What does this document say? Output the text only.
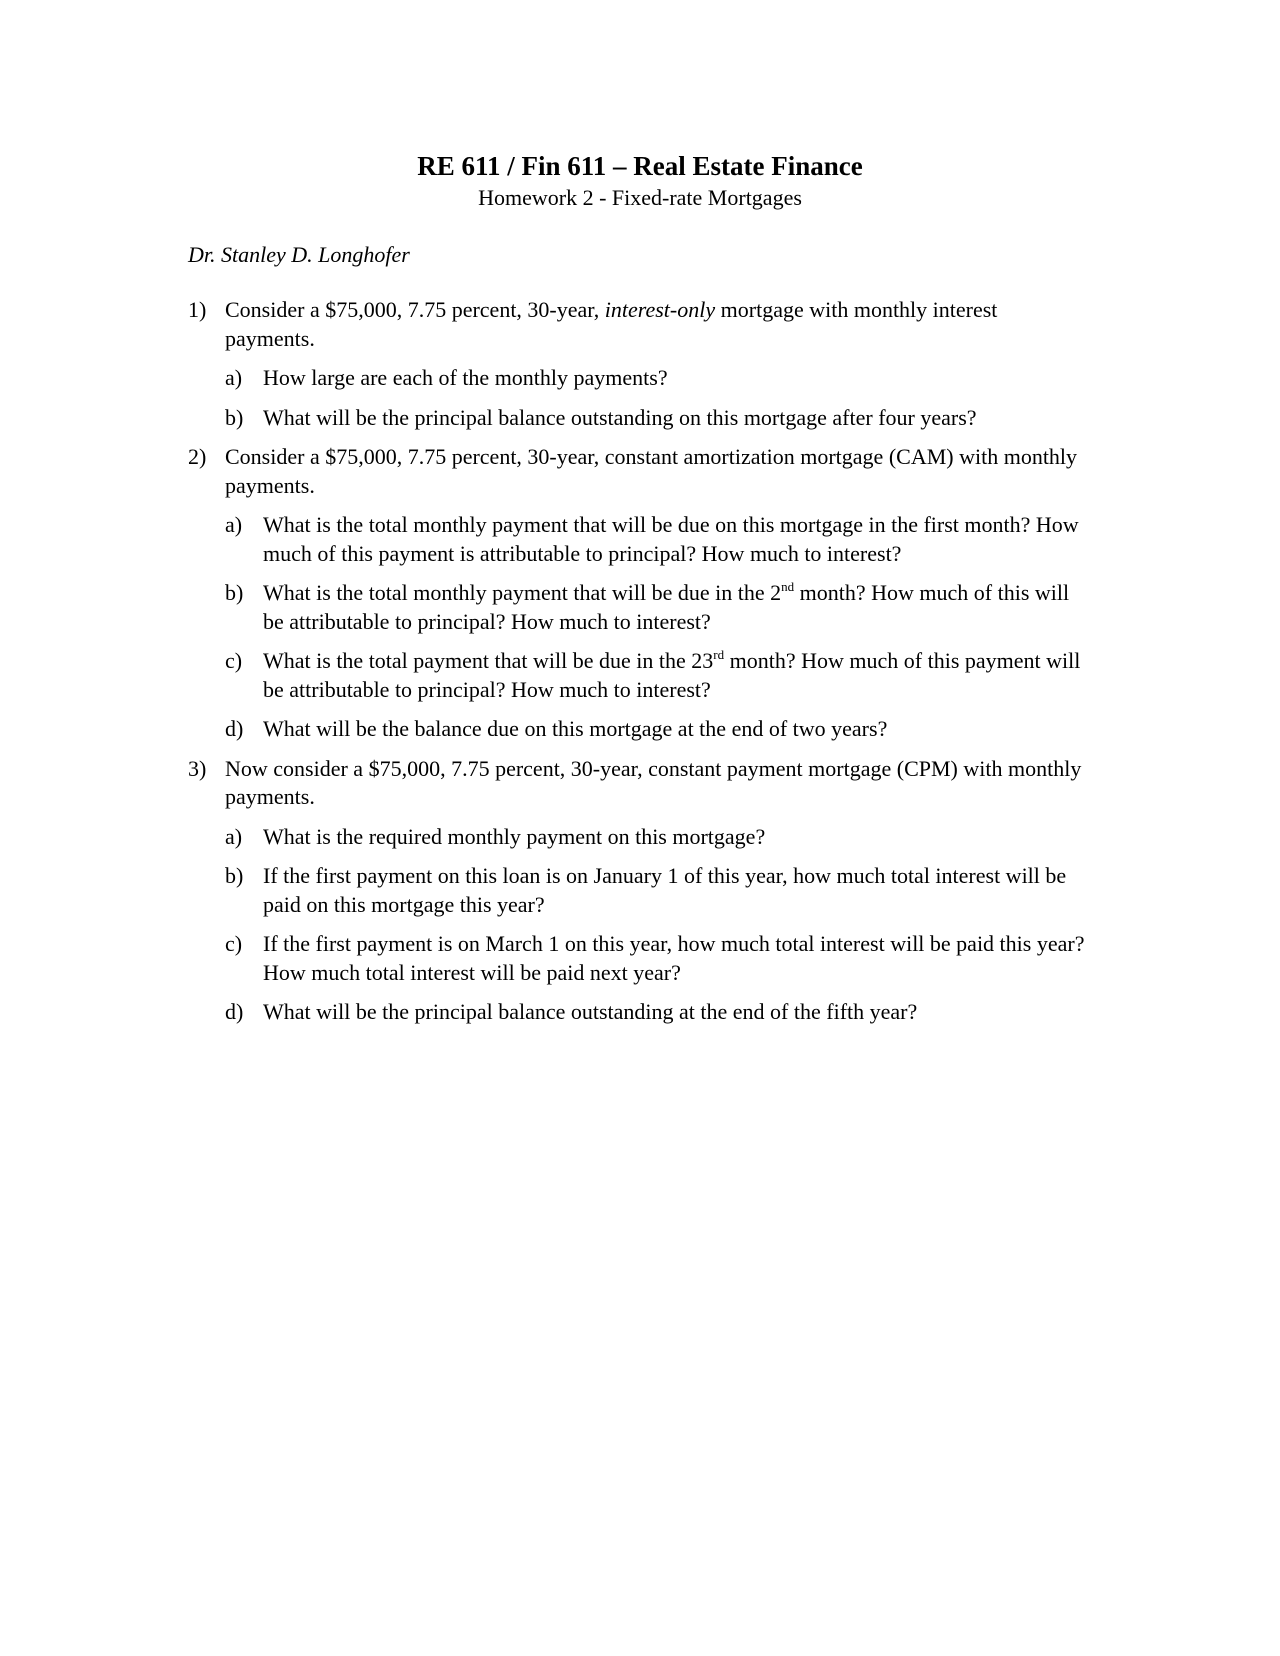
RE 611 / Fin 611 – Real Estate Finance
Homework 2 - Fixed-rate Mortgages
Dr. Stanley D. Longhofer
1) Consider a $75,000, 7.75 percent, 30-year, interest-only mortgage with monthly interest payments.
a) How large are each of the monthly payments?
b) What will be the principal balance outstanding on this mortgage after four years?
2) Consider a $75,000, 7.75 percent, 30-year, constant amortization mortgage (CAM) with monthly payments.
a) What is the total monthly payment that will be due on this mortgage in the first month? How much of this payment is attributable to principal? How much to interest?
b) What is the total monthly payment that will be due in the 2nd month? How much of this will be attributable to principal? How much to interest?
c) What is the total payment that will be due in the 23rd month? How much of this payment will be attributable to principal? How much to interest?
d) What will be the balance due on this mortgage at the end of two years?
3) Now consider a $75,000, 7.75 percent, 30-year, constant payment mortgage (CPM) with monthly payments.
a) What is the required monthly payment on this mortgage?
b) If the first payment on this loan is on January 1 of this year, how much total interest will be paid on this mortgage this year?
c) If the first payment is on March 1 on this year, how much total interest will be paid this year? How much total interest will be paid next year?
d) What will be the principal balance outstanding at the end of the fifth year?
